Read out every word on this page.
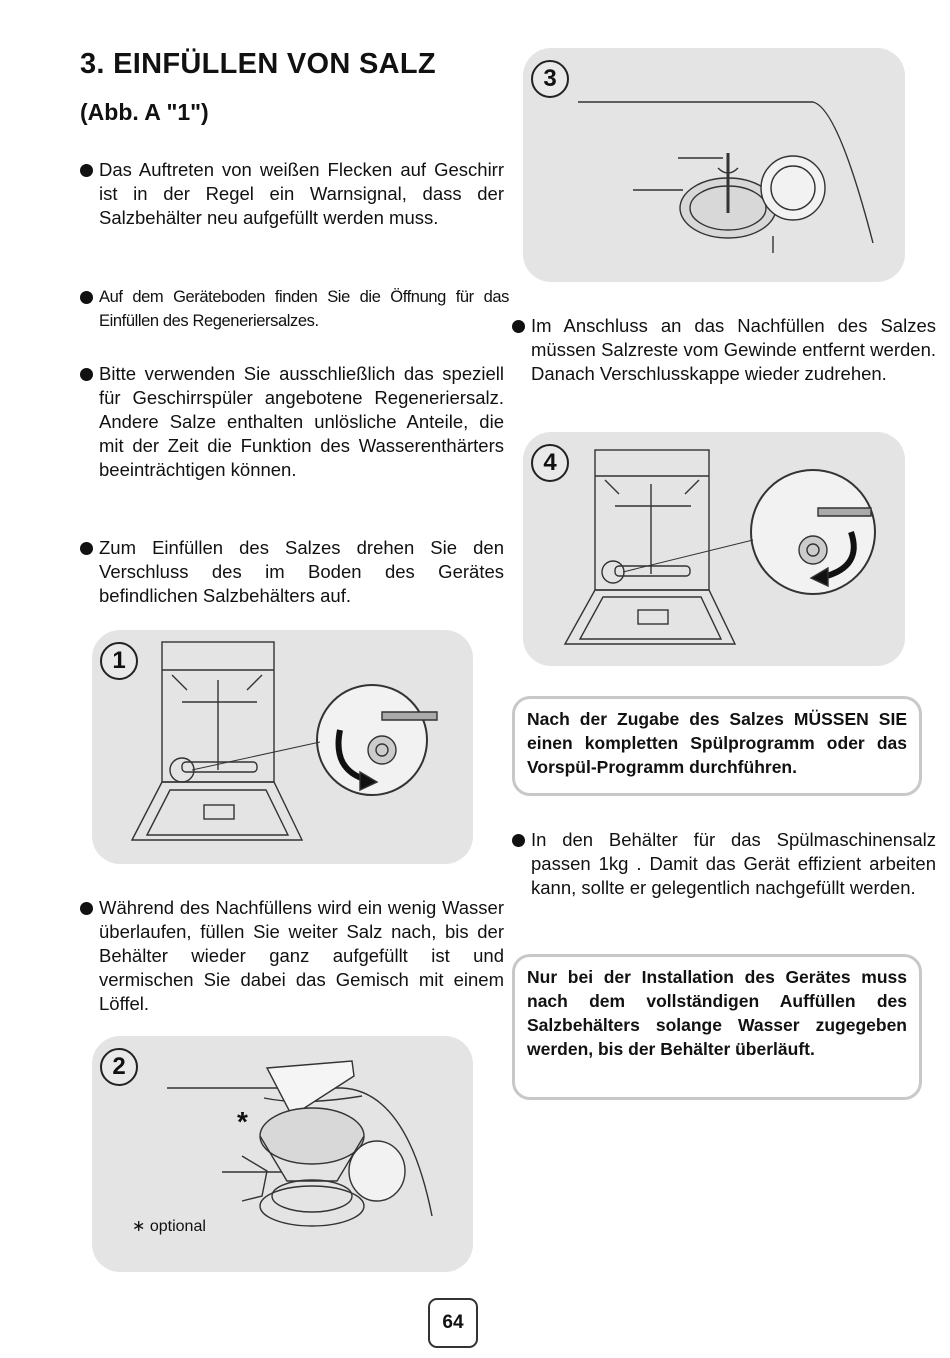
3. EINFÜLLEN VON SALZ
(Abb. A "1")
Das Auftreten von weißen Flecken auf Geschirr ist in der Regel ein Warnsignal, dass der Salzbehälter neu aufgefüllt werden muss.
Auf dem Geräteboden finden Sie die Öffnung für das Einfüllen des Regeneriersalzes.
Bitte verwenden Sie ausschließlich das speziell für Geschirrspüler angebotene Regeneriersalz. Andere Salze enthalten unlösliche Anteile, die mit der Zeit die Funktion des Wasserenthärters beeinträchtigen können.
Zum Einfüllen des Salzes drehen Sie den Verschluss des im Boden des Gerätes befindlichen Salzbehälters auf.
Während des Nachfüllens wird ein wenig Wasser überlaufen, füllen Sie weiter Salz nach, bis der Behälter wieder ganz aufgefüllt ist und vermischen Sie dabei das Gemisch mit einem Löffel.
1
2
*
∗ optional
3
4
Im Anschluss an das Nachfüllen des Salzes müssen Salzreste vom Gewinde entfernt werden. Danach Verschlusskappe wieder zudrehen.
Nach der Zugabe des Salzes MÜSSEN SIE einen kompletten Spülprogramm oder das Vorspül-Programm durchführen.
In den Behälter für das Spülmaschinensalz passen 1kg . Damit das Gerät effizient arbeiten kann, sollte er gelegentlich nachgefüllt werden.
Nur bei der Installation des Gerätes muss nach dem vollständigen Auffüllen des Salzbehälters solange Wasser zugegeben werden, bis der Behälter überläuft.
64
